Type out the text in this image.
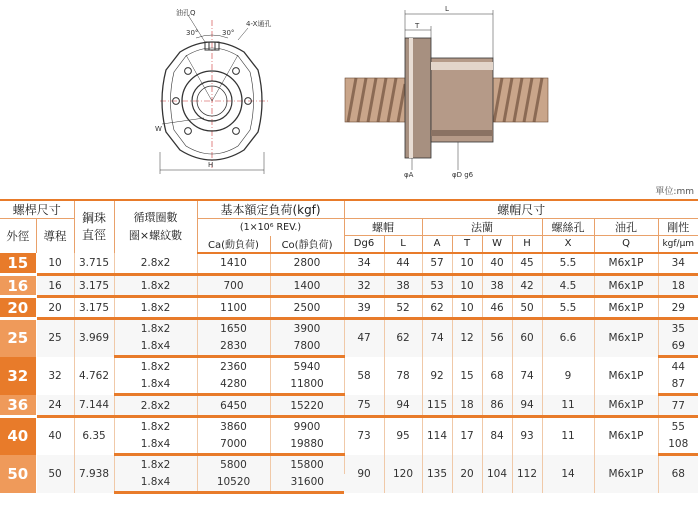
油孔Q
4-X通孔
30°	30°
W
H
L
T
φA	φD g6
單位:mm
螺桿尺寸		鋼珠
直徑	循環圈數
圈×螺紋數	基本額定負荷(kgf)		螺帽尺寸								
外徑	導程			(1×10⁶ REV.)		螺帽		法蘭				螺絲孔	油孔	剛性
				Ca(動負荷)	Co(靜負荷)	Dg6	L	A	T	W	H	X	Q	kgf/μm
15	10	3.715	2.8x2	1410	2800	34	44	57	10	40	45	5.5	M6x1P	34
16	16	3.175	1.8x2	700	1400	32	38	53	10	38	42	4.5	M6x1P	18
20	20	3.175	1.8x2	1100	2500	39	52	62	10	46	50	5.5	M6x1P	29
25	25	3.969	1.8x2	1650	3900	47	62	74	12	56	60	6.6	M6x1P	35
			1.8x4	2830	7800									69
32	32	4.762	1.8x2	2360	5940	58	78	92	15	68	74	9	M6x1P	44
			1.8x4	4280	11800									87
36	24	7.144	2.8x2	6450	15220	75	94	115	18	86	94	11	M6x1P	77
40	40	6.35	1.8x2	3860	9900	73	95	114	17	84	93	11	M6x1P	55
			1.8x4	7000	19880									108
50	50	7.938	1.8x2	5800	15800	90	120	135	20	104	112	14	M6x1P	68
			1.8x4	10520	31600									
